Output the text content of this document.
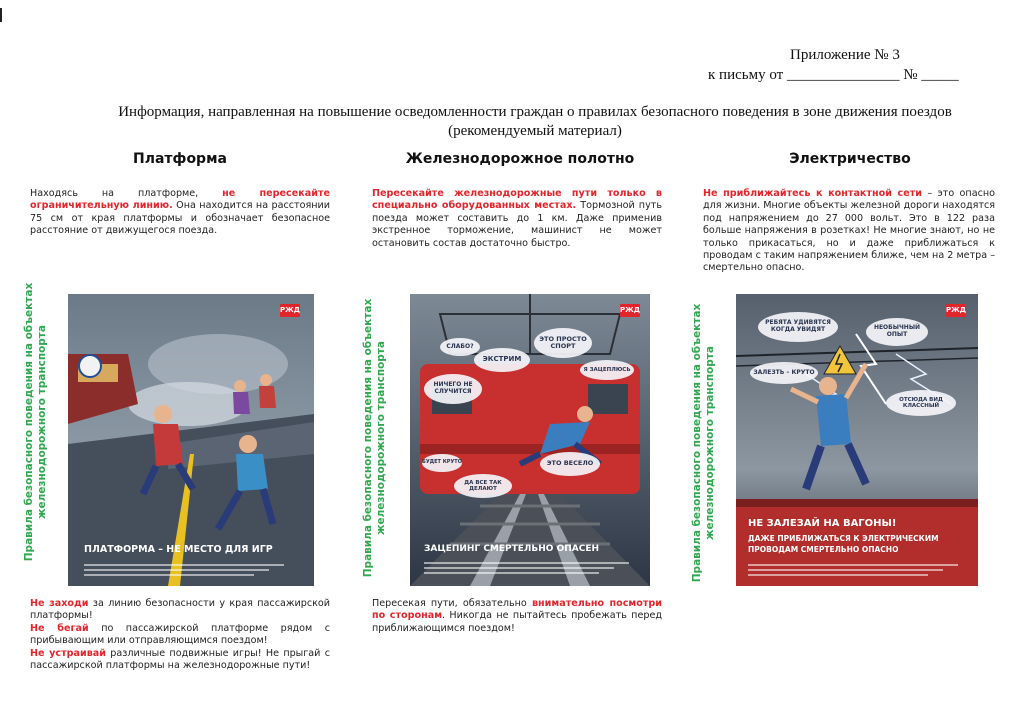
Приложение № 3
к письму от _______________ № _____
Информация, направленная на повышение осведомленности граждан о правилах безопасного поведения в зоне движения поездов
(рекомендуемый материал)
Платформа	Железнодорожное полотно	Электричество
Находясь на платформе, не пересекайте ограничительную линию. Она находится на расстоянии 75 см от края платформы и обозначает безопасное расстояние от движущегося поезда.
Пересекайте железнодорожные пути только в специально оборудованных местах. Тормозной путь поезда может составить до 1 км. Даже применив экстренное торможение, машинист не может остановить состав достаточно быстро.
Не приближайтесь к контактной сети – это опасно для жизни. Многие объекты железной дороги находятся под напряжением до 27 000 вольт. Это в 122 раза больше напряжения в розетках! Не многие знают, но не только прикасаться, но и даже приближаться к проводам с таким напряжением ближе, чем на 2 метра – смертельно опасно.
Правила безопасного поведения на объектах железнодорожного транспорта	Правила безопасного поведения на объектах железнодорожного транспорта	Правила безопасного поведения на объектах железнодорожного транспорта
РЖД
ПЛАТФОРМА – НЕ МЕСТО ДЛЯ ИГР
ЭТО ПРОСТО СПОРТ
СЛАБО?
ЭКСТРИМ
Я ЗАЦЕПЛЮСЬ
НИЧЕГО НЕ СЛУЧИТСЯ
ЭТО ВЕСЕЛО
ДА ВСЕ ТАК ДЕЛАЮТ
БУДЕТ КРУТО
РЖД
ЗАЦЕПИНГ СМЕРТЕЛЬНО ОПАСЕН
РЕБЯТА УДИВЯТСЯ КОГДА УВИДЯТ	НЕОБЫЧНЫЙ ОПЫТ
ЗАЛЕЗТЬ – КРУТО
ОТСЮДА ВИД КЛАССНЫЙ
РЖД
НЕ ЗАЛЕЗАЙ НА ВАГОНЫ!
ДАЖЕ ПРИБЛИЖАТЬСЯ К ЭЛЕКТРИЧЕСКИМ
ПРОВОДАМ СМЕРТЕЛЬНО ОПАСНО
Не заходи за линию безопасности у края пассажирской платформы!
Не бегай по пассажирской платформе рядом с прибывающим или отправляющимся поездом!
Не устраивай различные подвижные игры! Не прыгай с пассажирской платформы на железнодорожные пути!
Пересекая пути, обязательно внимательно посмотри по сторонам. Никогда не пытайтесь пробежать перед приближающимся поездом!
